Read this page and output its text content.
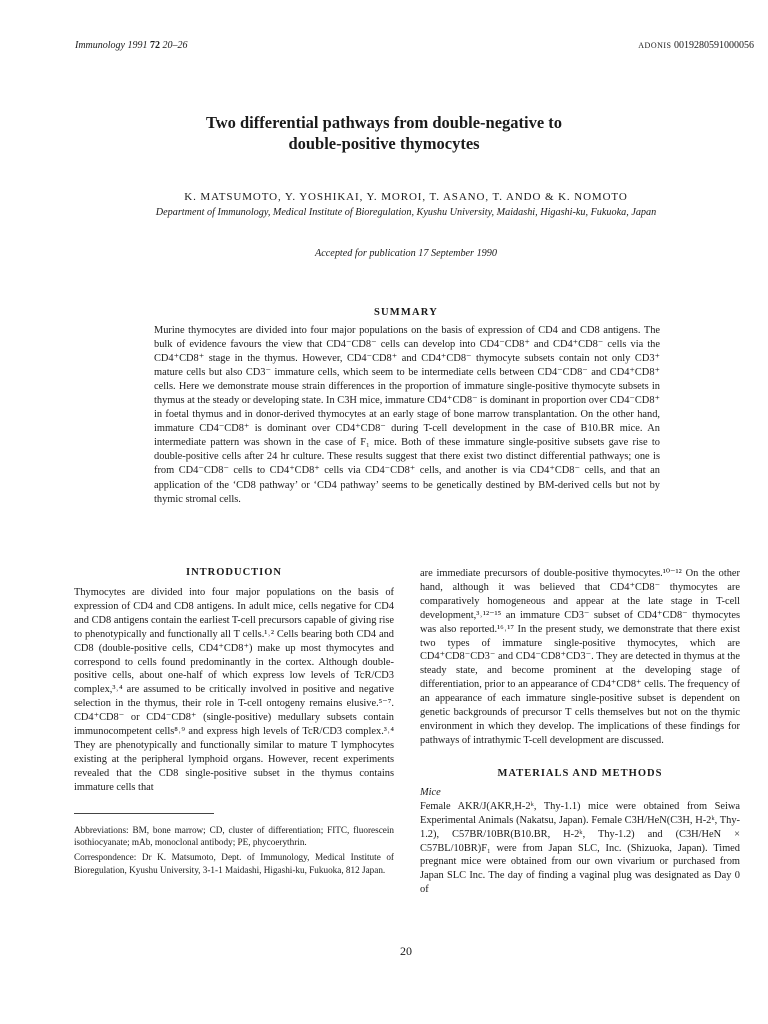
Immunology 1991 72 20–26	ADONIS 0019280591000056
Two differential pathways from double-negative to
double-positive thymocytes
K. MATSUMOTO, Y. YOSHIKAI, Y. MOROI, T. ASANO, T. ANDO & K. NOMOTO
Department of Immunology, Medical Institute of Bioregulation, Kyushu University, Maidashi, Higashi-ku, Fukuoka, Japan
Accepted for publication 17 September 1990
SUMMARY

Murine thymocytes are divided into four major populations on the basis of expression of CD4 and CD8 antigens. The bulk of evidence favours the view that CD4⁻CD8⁻ cells can develop into CD4⁻CD8⁺ and CD4⁺CD8⁻ cells via the CD4⁺CD8⁺ stage in the thymus. However, CD4⁻CD8⁺ and CD4⁺CD8⁻ thymocyte subsets contain not only CD3⁺ mature cells but also CD3⁻ immature cells, which seem to be intermediate cells between CD4⁻CD8⁻ and CD4⁺CD8⁺ cells. Here we demonstrate mouse strain differences in the proportion of immature single-positive thymocyte subsets in thymus at the steady or developing state. In C3H mice, immature CD4⁺CD8⁻ is dominant in proportion over CD4⁻CD8⁺ in foetal thymus and in donor-derived thymocytes at an early stage of bone marrow transplantation. On the other hand, immature CD4⁻CD8⁺ is dominant over CD4⁺CD8⁻ during T-cell development in the case of B10.BR mice. An intermediate pattern was shown in the case of F₁ mice. Both of these immature single-positive subsets gave rise to double-positive cells after 24 hr culture. These results suggest that there exist two distinct differential pathways; one is from CD4⁻CD8⁻ cells to CD4⁺CD8⁺ cells via CD4⁻CD8⁺ cells, and another is via CD4⁺CD8⁻ cells, and that an application of the ‘CD8 pathway’ or ‘CD4 pathway’ seems to be genetically destined by BM-derived cells but not by thymic stromal cells.

INTRODUCTION

Thymocytes are divided into four major populations on the basis of expression of CD4 and CD8 antigens. In adult mice, cells negative for CD4 and CD8 antigens contain the earliest T-cell precursors capable of giving rise to phenotypically and functionally all T cells.¹˒² Cells bearing both CD4 and CD8 (double-positive cells, CD4⁺CD8⁺) make up most thymocytes and correspond to cells found predominantly in the cortex. Although double-positive cells, about one-half of which express low levels of TcR/CD3 complex,³˒⁴ are assumed to be critically involved in positive and negative selection in the thymus, their role in T-cell ontogeny remains elusive.⁵⁻⁷. CD4⁺CD8⁻ or CD4⁻CD8⁺ (single-positive) medullary subsets contain immunocompetent cells⁸˒⁹ and express high levels of TcR/CD3 complex.³˒⁴ They are phenotypically and functionally similar to mature T lymphocytes existing at the peripheral lymphoid organs. However, recent experiments revealed that the CD8 single-positive subset in the thymus contains immature cells that

Abbreviations: BM, bone marrow; CD, cluster of differentiation; FITC, fluorescein isothiocyanate; mAb, monoclonal antibody; PE, phycoerythrin.

Correspondence: Dr K. Matsumoto, Dept. of Immunology, Medical Institute of Bioregulation, Kyushu University, 3-1-1 Maidashi, Higashi-ku, Fukuoka, 812 Japan.

are immediate precursors of double-positive thymocytes.¹⁰⁻¹² On the other hand, although it was believed that CD4⁺CD8⁻ thymocytes are comparatively homogeneous and appear at the late stage in T-cell development,³˒¹²⁻¹⁵ an immature CD3⁻ subset of CD4⁺CD8⁻ thymocytes was also reported.¹⁶˒¹⁷ In the present study, we demonstrate that there exist two types of immature single-positive thymocytes, which are CD4⁺CD8⁻CD3⁻ and CD4⁻CD8⁺CD3⁻. They are detected in thymus at the steady state, and become prominent at the developing stage of differentiation, prior to an appearance of CD4⁺CD8⁺ cells. The frequency of an appearance of each immature single-positive subset is dependent on genetic backgrounds of precursor T cells themselves but not on the thymic environment in which they develop. The implications of these findings for pathways of intrathymic T-cell development are discussed.

MATERIALS AND METHODS
Mice

Female AKR/J(AKR,H-2ᵏ, Thy-1.1) mice were obtained from Seiwa Experimental Animals (Nakatsu, Japan). Female C3H/HeN(C3H, H-2ᵏ, Thy-1.2), C57BR/10BR(B10.BR, H-2ᵏ, Thy-1.2) and (C3H/HeN × C57BL/10BR)F₁ were from Japan SLC, Inc. (Shizuoka, Japan). Timed pregnant mice were obtained from our own vivarium or purchased from Japan SLC Inc. The day of finding a vaginal plug was designated as Day 0 of

20
